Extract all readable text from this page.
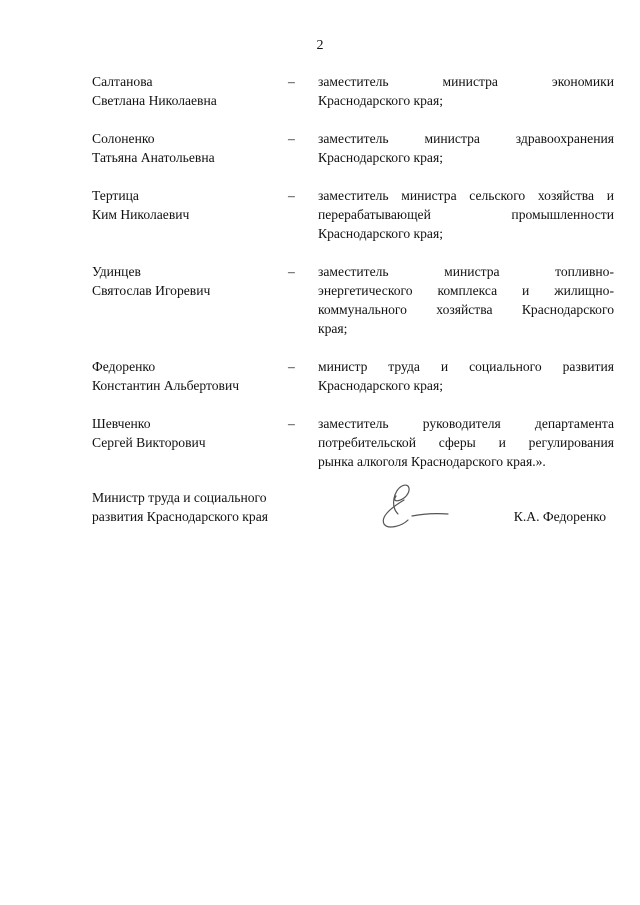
2
Салтанова
Светлана Николаевна
–	заместитель министра экономики
Краснодарского края;
Солоненко
Татьяна Анатольевна
–	заместитель министра здравоохранения
Краснодарского края;
Тертица
Ким Николаевич
–	заместитель министра сельского хозяйства и
перерабатывающей промышленности
Краснодарского края;
Удинцев
Святослав Игоревич
–	заместитель министра топливно-
энергетического комплекса и жилищно-
коммунального хозяйства Краснодарского
края;
Федоренко
Константин Альбертович
–	министр труда и социального развития
Краснодарского края;
Шевченко
Сергей Викторович
–	заместитель руководителя департамента
потребительской сферы и регулирования
рынка алкоголя Краснодарского края.».
Министр труда и социального
развития Краснодарского края	К.А. Федоренко
